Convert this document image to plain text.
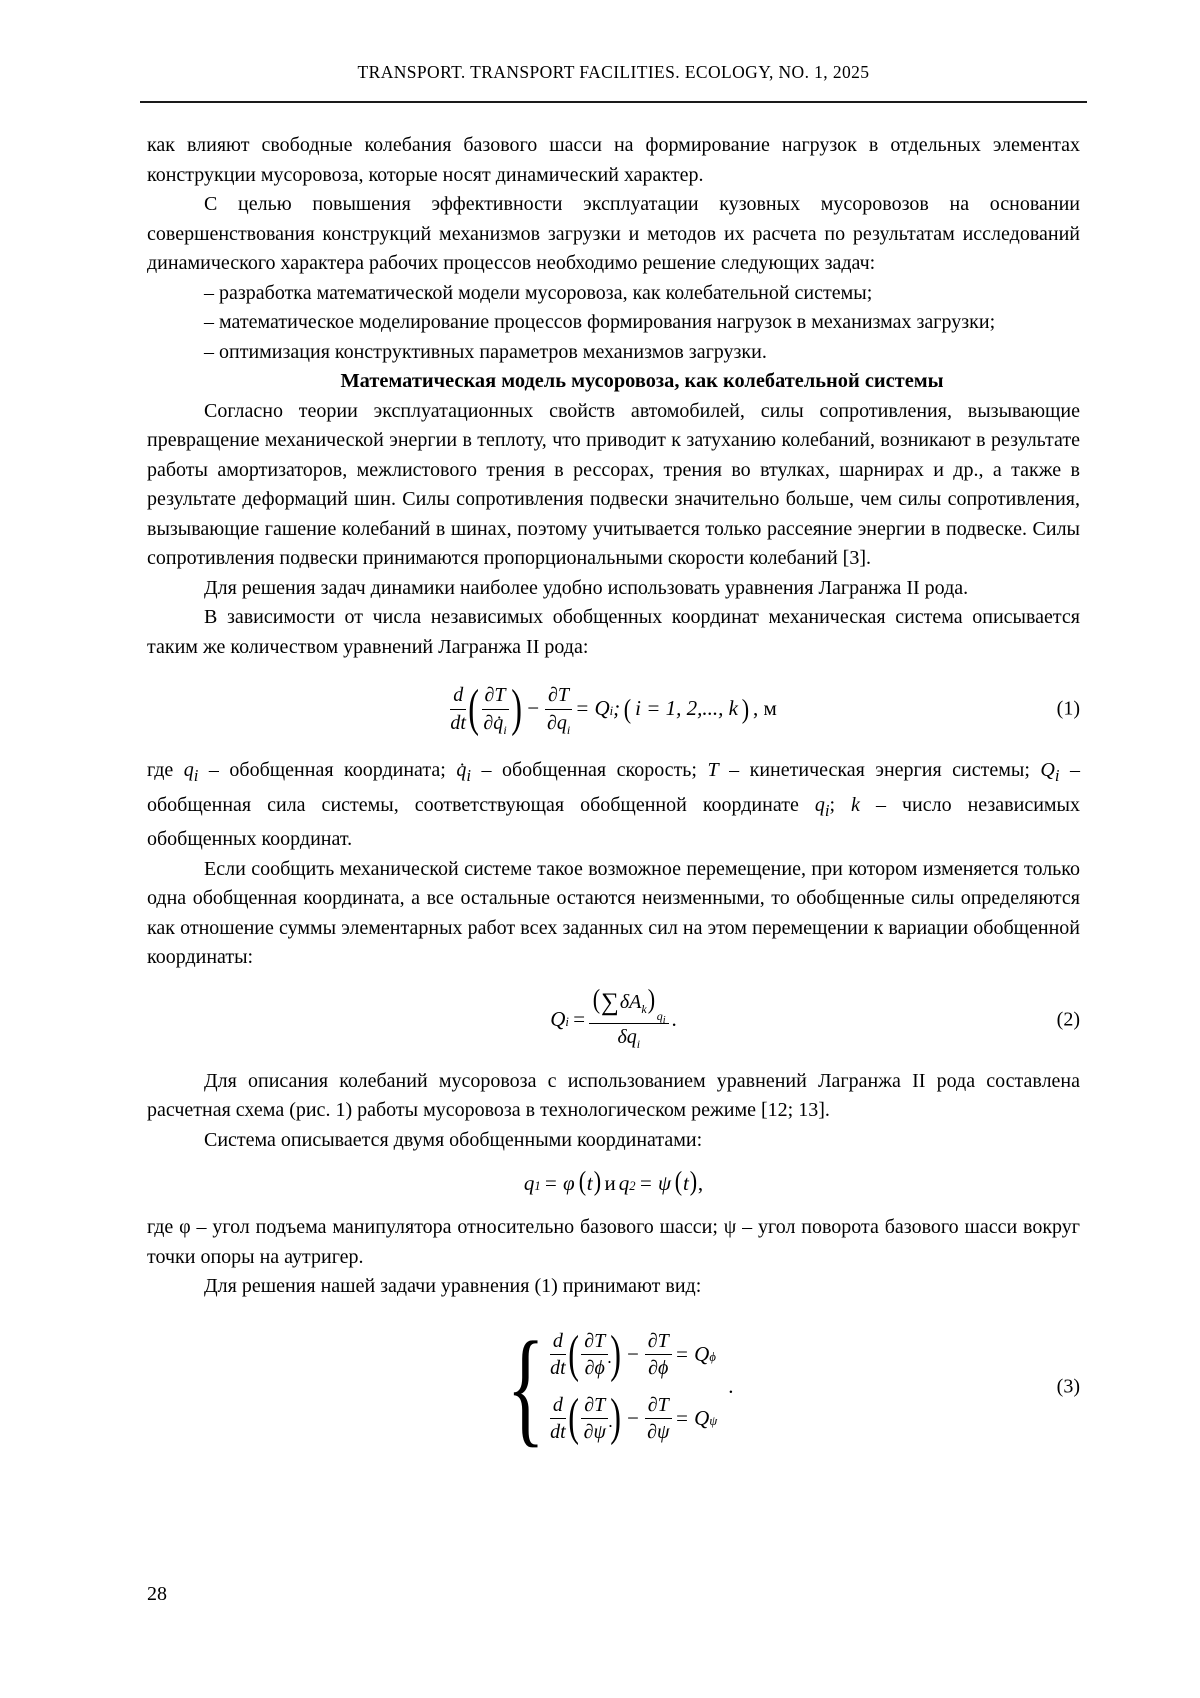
TRANSPORT. TRANSPORT FACILITIES. ECOLOGY, NO. 1, 2025

как влияют свободные колебания базового шасси на формирование нагрузок в отдельных элементах конструкции мусоровоза, которые носят динамический характер.

С целью повышения эффективности эксплуатации кузовных мусоровозов на основании совершенствования конструкций механизмов загрузки и методов их расчета по результатам исследований динамического характера рабочих процессов необходимо решение следующих задач:

– разработка математической модели мусоровоза, как колебательной системы;

– математическое моделирование процессов формирования нагрузок в механизмах загрузки;

– оптимизация конструктивных параметров механизмов загрузки.

Математическая модель мусоровоза, как колебательной системы

Согласно теории эксплуатационных свойств автомобилей, силы сопротивления, вызывающие превращение механической энергии в теплоту, что приводит к затуханию колебаний, возникают в результате работы амортизаторов, межлистового трения в рессорах, трения во втулках, шарнирах и др., а также в результате деформаций шин. Силы сопротивления подвески значительно больше, чем силы сопротивления, вызывающие гашение колебаний в шинах, поэтому учитывается только рассеяние энергии в подвеске. Силы сопротивления подвески принимаются пропорциональными скорости колебаний [3].

Для решения задач динамики наиболее удобно использовать уравнения Лагранжа II рода.

В зависимости от числа независимых обобщенных координат механическая система описывается таким же количеством уравнений Лагранжа II рода:

$\frac{d}{dt}$ ( $\frac{\partial T}{\partial q̇_i}$ ) − $\frac{\partial T}{\partial q_i} = Q$ i ; ( i = 1, 2,..., k ) , м	(1)

где $q_i$ – обобщенная координата; $q̇_i$ – обобщенная скорость; T – кинетическая энергия системы; $Q_i$ – обобщенная сила системы, соответствующая обобщенной координате $q_i$; k – число независимых обобщенных координат.

Если сообщить механической системе такое возможное перемещение, при котором изменяется только одна обобщенная координата, а все остальные остаются неизменными, то обобщенные силы определяются как отношение суммы элементарных работ всех заданных сил на этом перемещении к вариации обобщенной координаты:

Q $i = \frac{(\sum\delta A_k)_{q_i}}{\delta q_i}$ .	(2)

Для описания колебаний мусоровоза с использованием уравнений Лагранжа II рода составлена расчетная схема (рис. 1) работы мусоровоза в технологическом режиме [12; 13].

Система описывается двумя обобщенными координатами:

q 1 = φ ( t ) и q 2 = ψ ( t ) ,

где φ – угол подъема манипулятора относительно базового шасси; ψ – угол поворота базового шасси вокруг точки опоры на аутригер.

Для решения нашей задачи уравнения (1) принимают вид:

{ $\frac{d}{dt}$ ( $\frac{\partial T}{\partial\phi̇}$ ) − $\frac{\partial T}{\partial\phi} = Q$ ϕ
$\frac{d}{dt}$ ( $\frac{\partial T}{\partial\psi̇}$ ) − $\frac{\partial T}{\partial\psi} = Q$ ψ
.	(3)
28
